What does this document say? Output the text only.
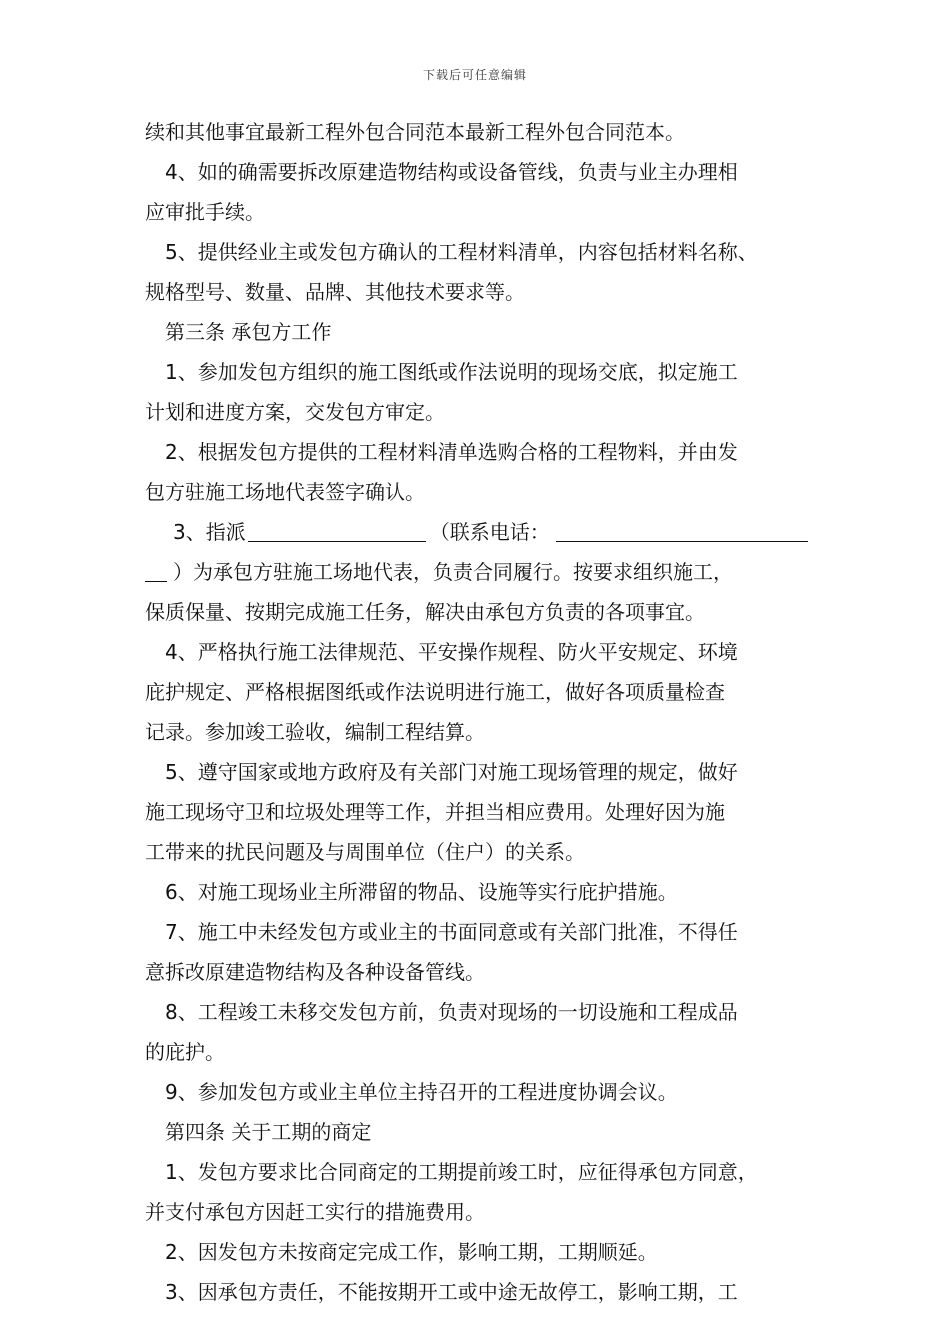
下载后可任意编辑
续和其他事宜最新工程外包合同范本最新工程外包合同范本。
4、如的确需要拆改原建造物结构或设备管线，负责与业主办理相
应审批手续。
5、提供经业主或发包方确认的工程材料清单，内容包括材料名称、
规格型号、数量、品牌、其他技术要求等。
第三条 承包方工作
1、参加发包方组织的施工图纸或作法说明的现场交底，拟定施工
计划和进度方案，交发包方审定。
2、根据发包方提供的工程材料清单选购合格的工程物料，并由发
包方驻施工场地代表签字确认。
3、指派	（联系电话：
）为承包方驻施工场地代表，负责合同履行。按要求组织施工，
保质保量、按期完成施工任务，解决由承包方负责的各项事宜。
4、严格执行施工法律规范、平安操作规程、防火平安规定、环境
庇护规定、严格根据图纸或作法说明进行施工，做好各项质量检查
记录。参加竣工验收，编制工程结算。
5、遵守国家或地方政府及有关部门对施工现场管理的规定，做好
施工现场守卫和垃圾处理等工作，并担当相应费用。处理好因为施
工带来的扰民问题及与周围单位（住户）的关系。
6、对施工现场业主所滞留的物品、设施等实行庇护措施。
7、施工中未经发包方或业主的书面同意或有关部门批准，不得任
意拆改原建造物结构及各种设备管线。
8、工程竣工未移交发包方前，负责对现场的一切设施和工程成品
的庇护。
9、参加发包方或业主单位主持召开的工程进度协调会议。
第四条 关于工期的商定
1、发包方要求比合同商定的工期提前竣工时，应征得承包方同意，
并支付承包方因赶工实行的措施费用。
2、因发包方未按商定完成工作，影响工期，工期顺延。
3、因承包方责任，不能按期开工或中途无故停工，影响工期，工
